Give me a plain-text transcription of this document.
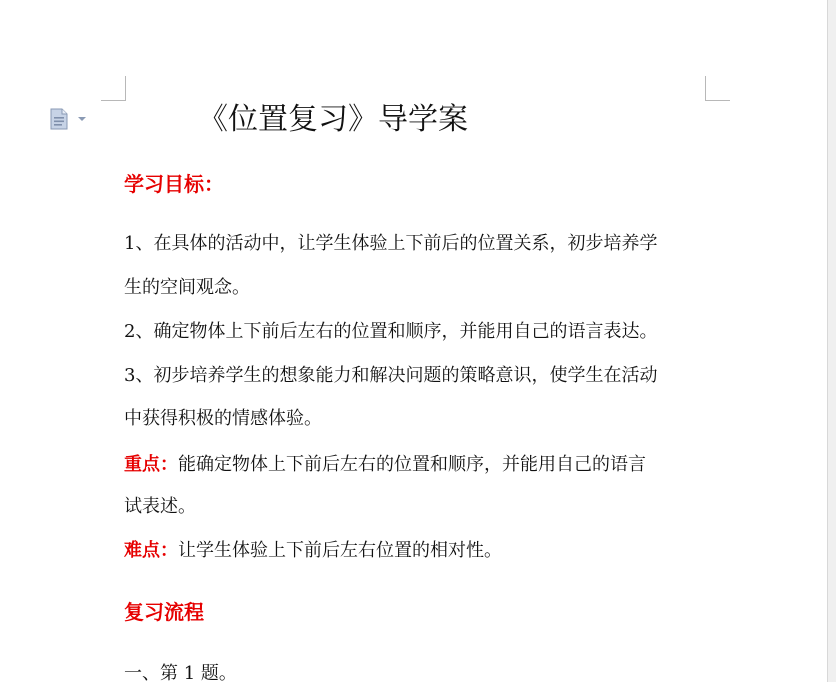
《位置复习》导学案
学习目标：
1、在具体的活动中，让学生体验上下前后的位置关系，初步培养学
生的空间观念。
2、确定物体上下前后左右的位置和顺序，并能用自己的语言表达。
3、初步培养学生的想象能力和解决问题的策略意识，使学生在活动
中获得积极的情感体验。
重点：能确定物体上下前后左右的位置和顺序，并能用自己的语言
试表述。
难点：让学生体验上下前后左右位置的相对性。
复习流程
一、第 1 题。
